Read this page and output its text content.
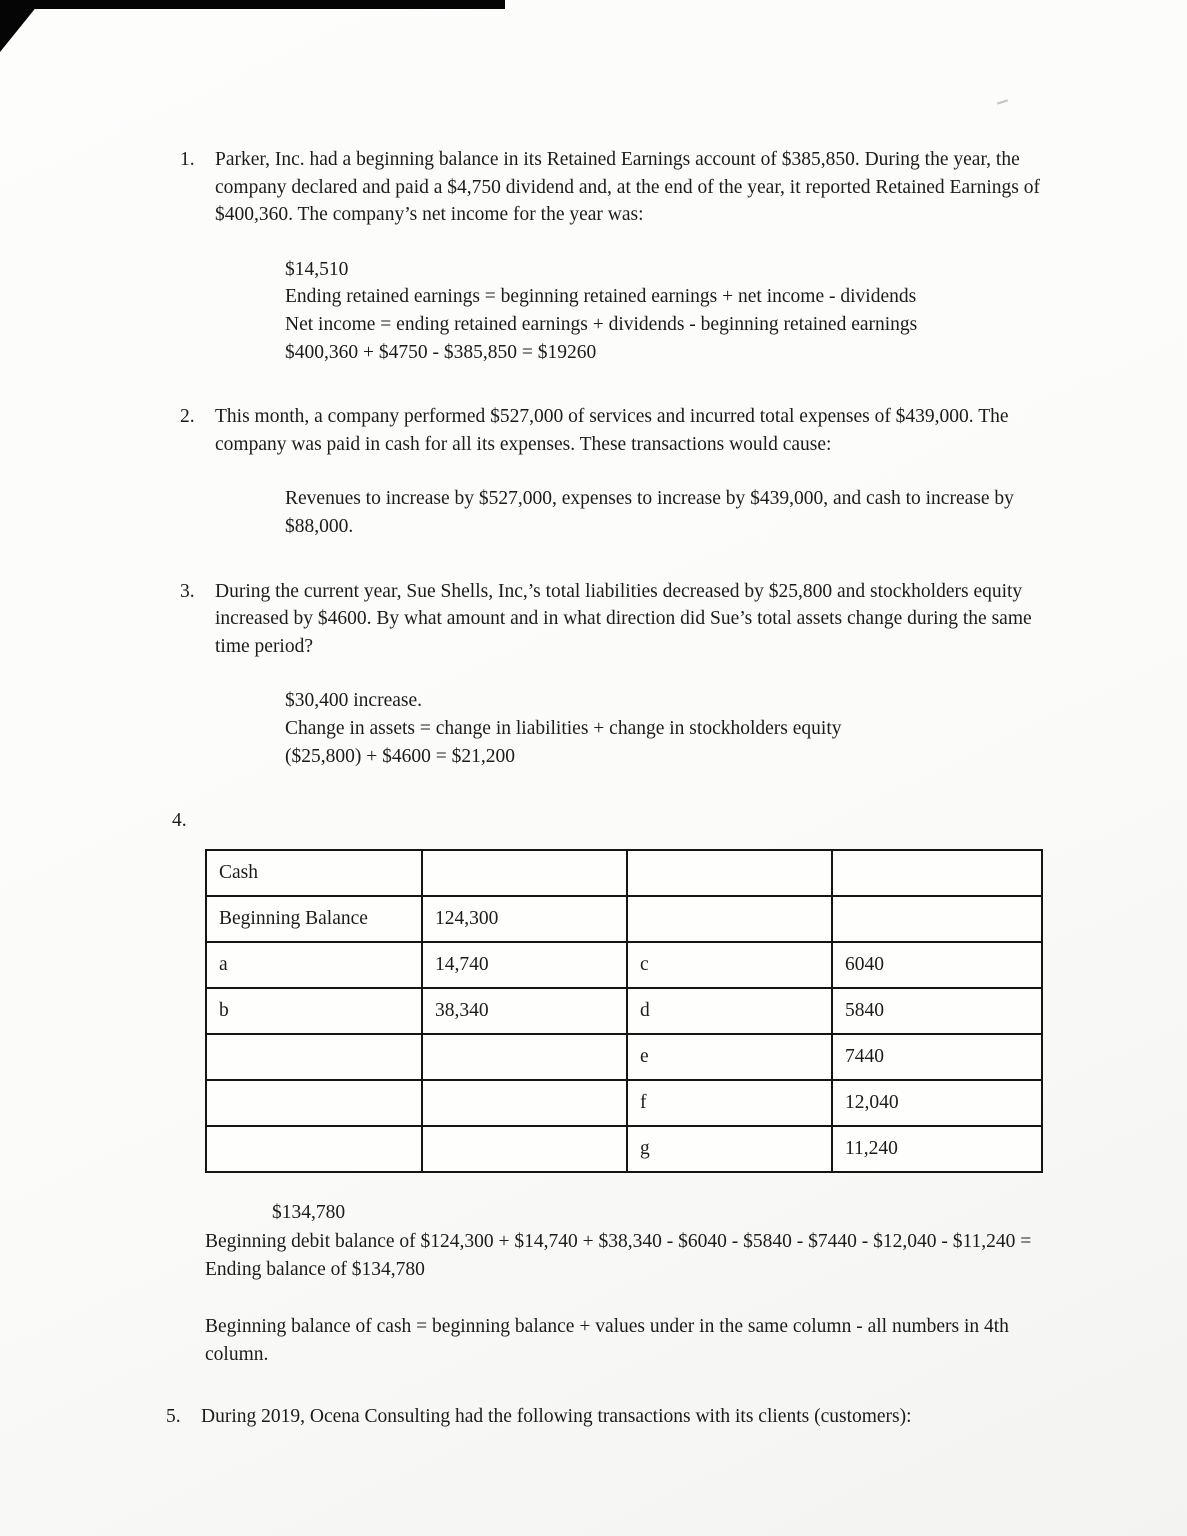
1.	Parker, Inc. had a beginning balance in its Retained Earnings account of $385,850. During the year, the company declared and paid a $4,750 dividend and, at the end of the year, it reported Retained Earnings of $400,360. The company’s net income for the year was:

$14,510

Ending retained earnings = beginning retained earnings + net income - dividends

Net income = ending retained earnings + dividends - beginning retained earnings

$400,360 + $4750 - $385,850 = $19260

2.	This month, a company performed $527,000 of services and incurred total expenses of $439,000. The company was paid in cash for all its expenses. These transactions would cause:

Revenues to increase by $527,000, expenses to increase by $439,000, and cash to increase by $88,000.

3.	During the current year, Sue Shells, Inc,’s total liabilities decreased by $25,800 and stockholders equity increased by $4600. By what amount and in what direction did Sue’s total assets change during the same time period?

$30,400 increase.

Change in assets = change in liabilities + change in stockholders equity

($25,800) + $4600 = $21,200

4.
Cash			
Beginning Balance	124,300		
a	14,740	c	6040
b	38,340	d	5840
		e	7440
		f	12,040
		g	11,240

$134,780

Beginning debit balance of $124,300 + $14,740 + $38,340 - $6040 - $5840 - $7440 - $12,040 - $11,240 = Ending balance of $134,780

Beginning balance of cash = beginning balance + values under in the same column - all numbers in 4th column.

5.	During 2019, Ocena Consulting had the following transactions with its clients (customers):
